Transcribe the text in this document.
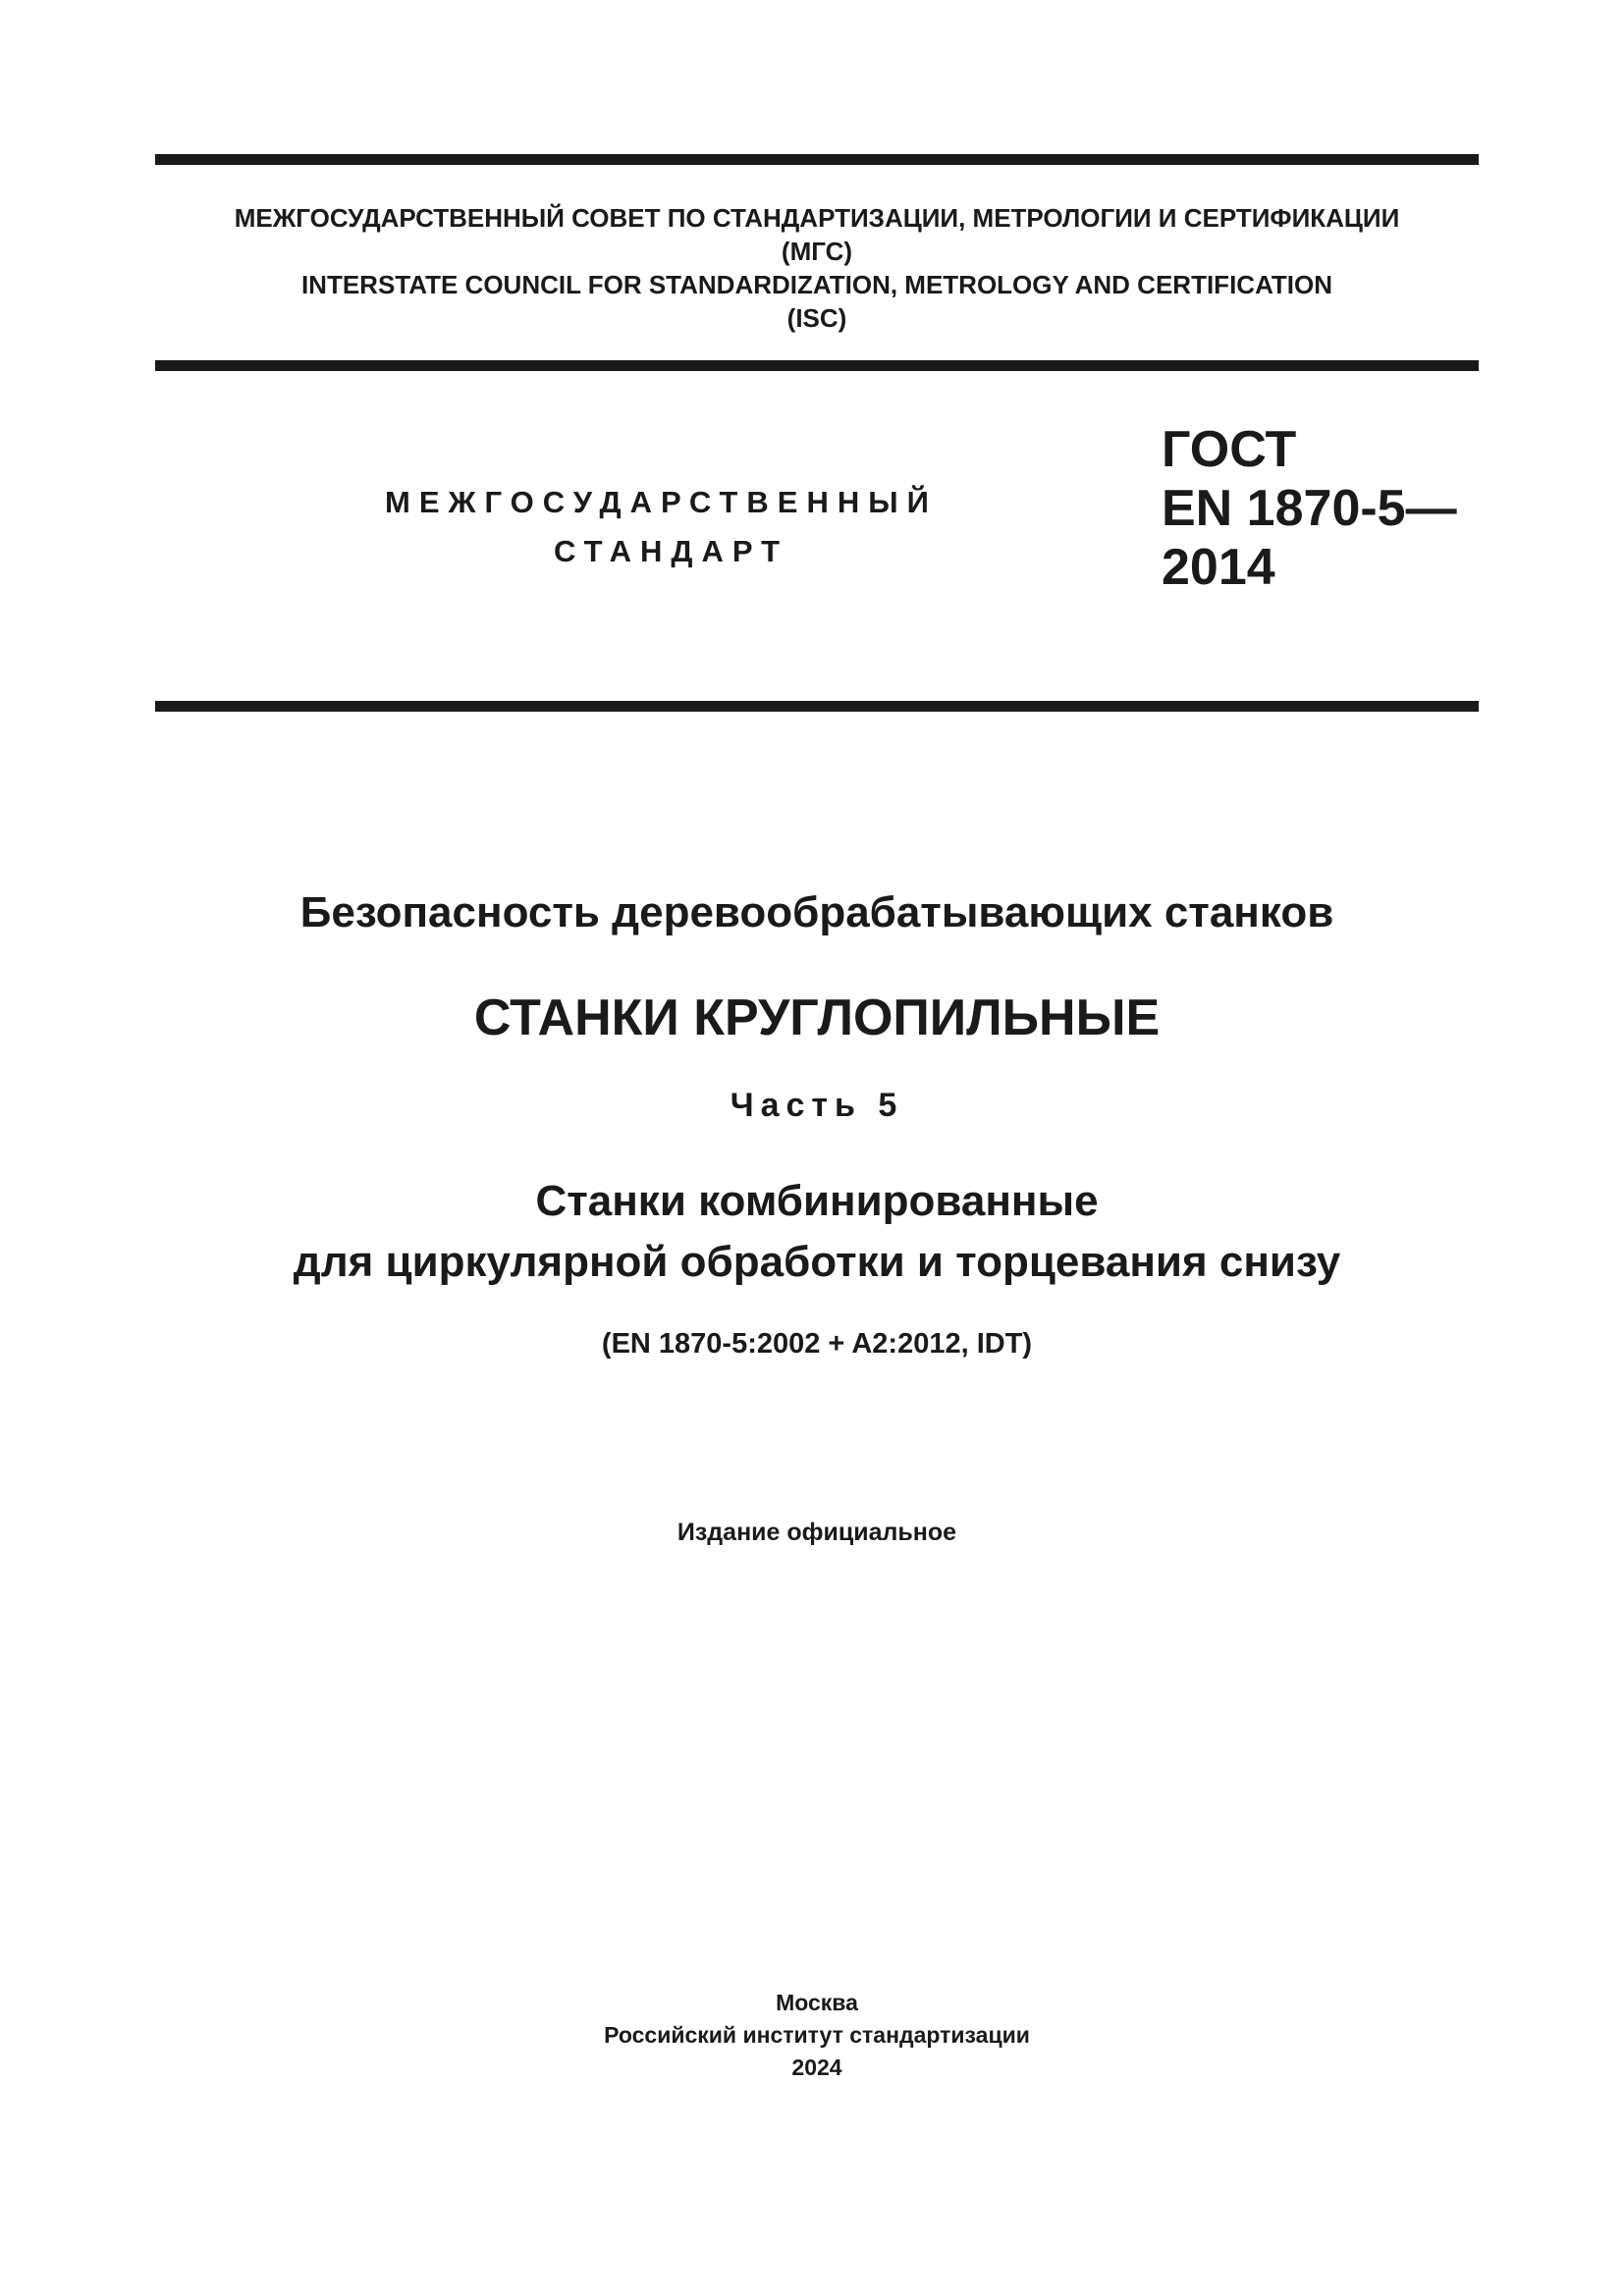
МЕЖГОСУДАРСТВЕННЫЙ СОВЕТ ПО СТАНДАРТИЗАЦИИ, МЕТРОЛОГИИ И СЕРТИФИКАЦИИ
(МГС)
INTERSTATE COUNCIL FOR STANDARDIZATION, METROLOGY AND CERTIFICATION
(ISC)
МЕЖГОСУДАРСТВЕННЫЙ
СТАНДАРТ
ГОСТ
EN 1870-5—
2014
Безопасность деревообрабатывающих станков
СТАНКИ КРУГЛОПИЛЬНЫЕ
Часть 5
Станки комбинированные
для циркулярной обработки и торцевания снизу
(EN 1870-5:2002 + A2:2012, IDT)
Издание официальное
Москва
Российский институт стандартизации
2024
